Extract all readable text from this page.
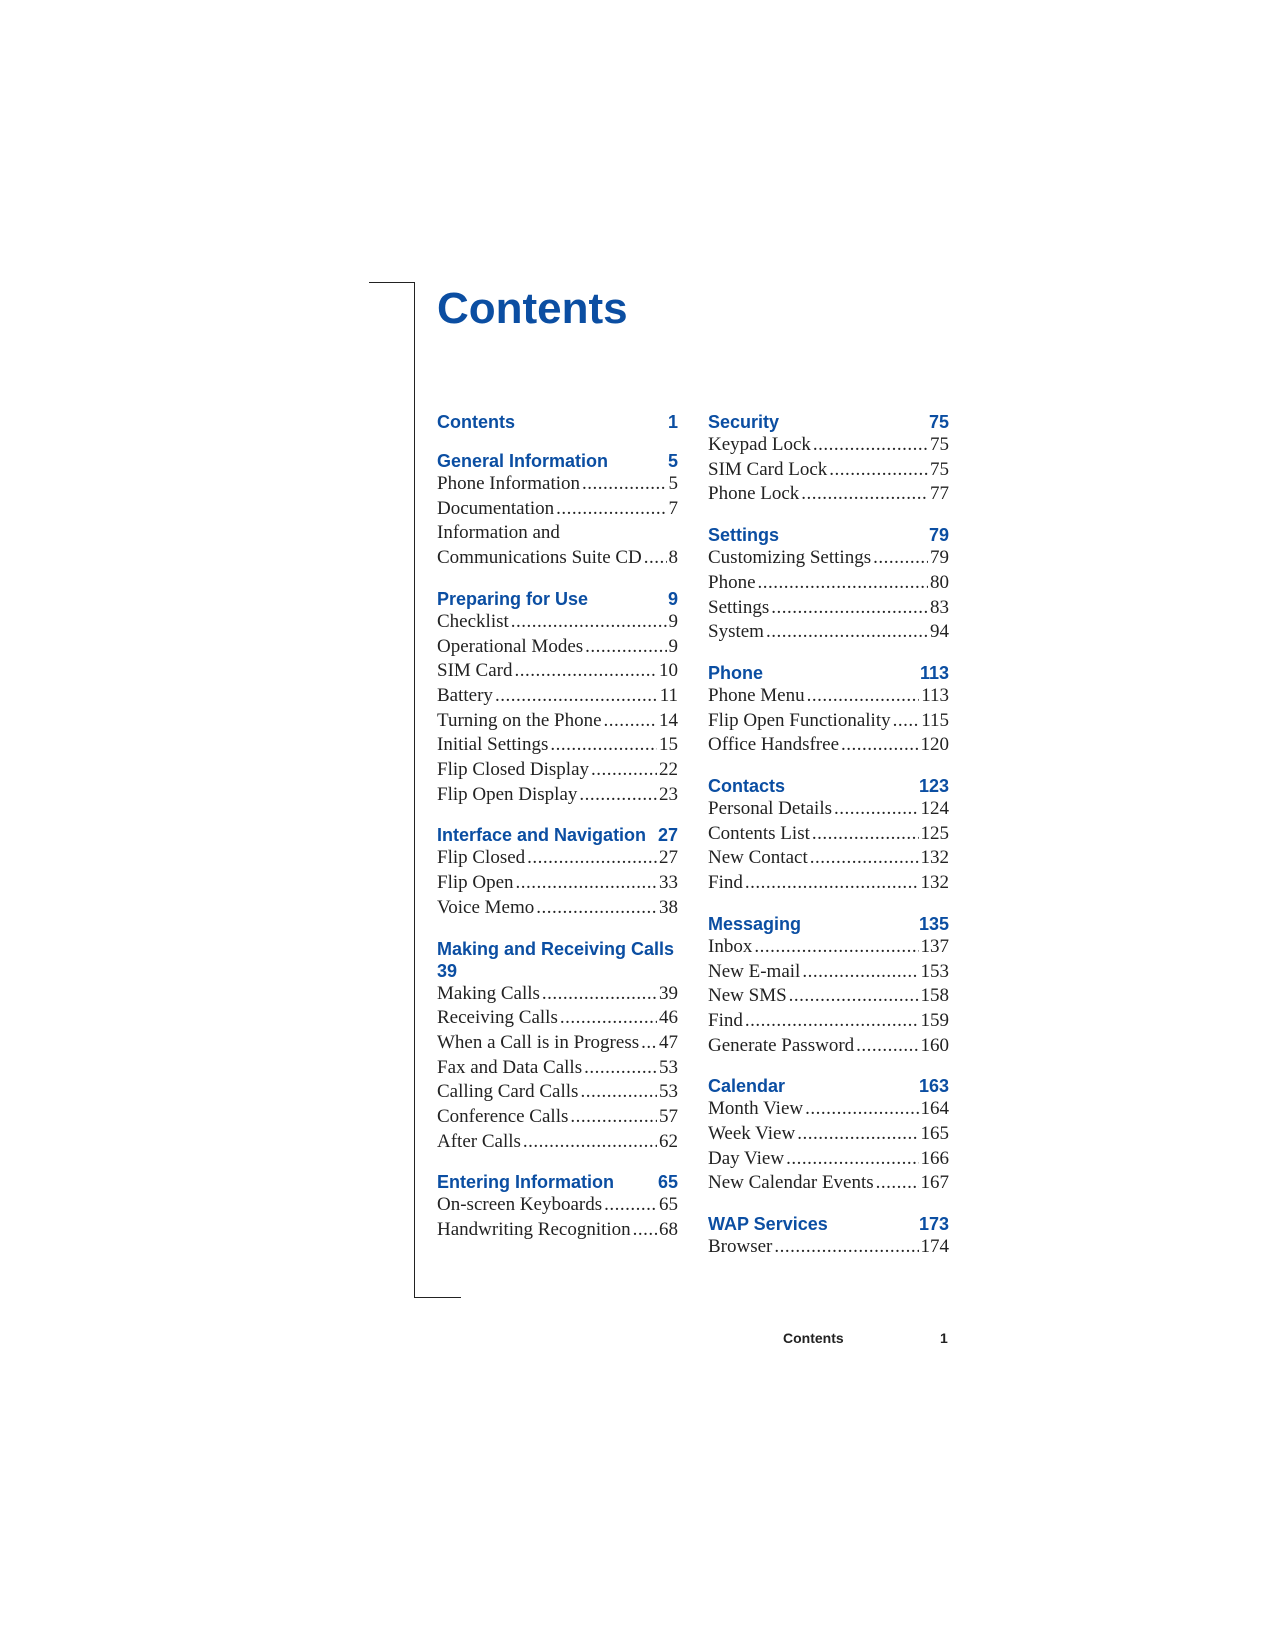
Contents
Contents	1
General Information	5
Phone Information .....	5
Documentation .....	7
Information and
Communications Suite CD ..... 8
Preparing for Use	9
Checklist .....	9
Operational Modes .....	9
SIM Card .....	10
Battery .....	11
Turning on the Phone .....	14
Initial Settings .....	15
Flip Closed Display .....	22
Flip Open Display .....	23
Interface and Navigation 27
Flip Closed .....	27
Flip Open .....	33
Voice Memo .....	38
Making and Receiving Calls
39
Making Calls .....	39
Receiving Calls .....	46
When a Call is in Progress ..... 47
Fax and Data Calls .....	53
Calling Card Calls .....	53
Conference Calls .....	57
After Calls .....	62
Entering Information 65
On-screen Keyboards .....	65
Handwriting Recognition ..... 68
Security	75
Keypad Lock .....	75
SIM Card Lock .....	75
Phone Lock .....	77
Settings	79
Customizing Settings .....	79
Phone .....	80
Settings .....	83
System .....	94
Phone	113
Phone Menu .....	113
Flip Open Functionality ..... 115
Office Handsfree .....	120
Contacts	123
Personal Details .....	124
Contents List .....	125
New Contact .....	132
Find .....	132
Messaging	135
Inbox .....	137
New E-mail .....	153
New SMS .....	158
Find .....	159
Generate Password .....	160
Calendar	163
Month View .....	164
Week View .....	165
Day View .....	166
New Calendar Events ..... 167
WAP Services	173
Browser .....	174
Contents	1
